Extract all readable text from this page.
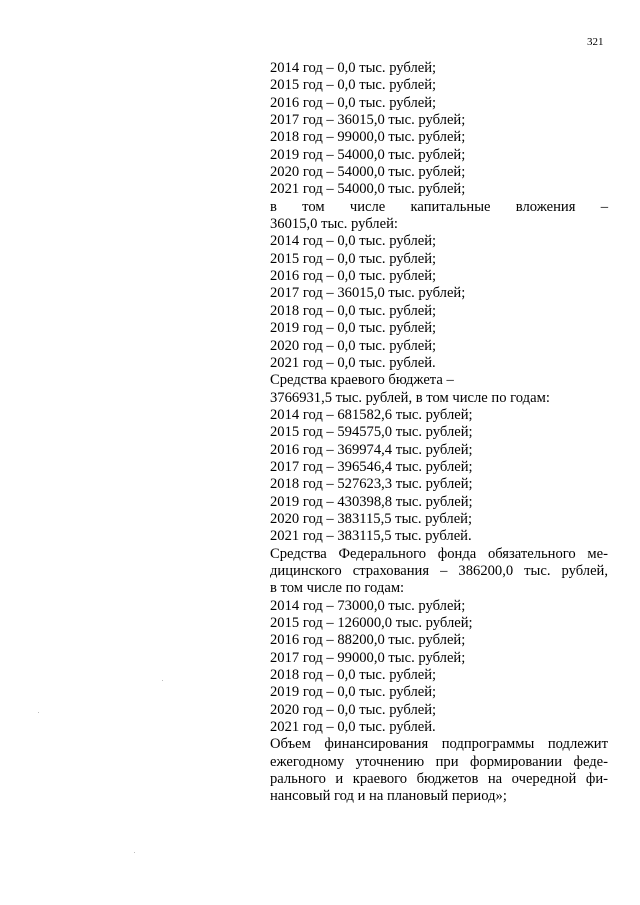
321
2014 год – 0,0 тыс. рублей;
2015 год – 0,0 тыс. рублей;
2016 год – 0,0 тыс. рублей;
2017 год – 36015,0 тыс. рублей;
2018 год – 99000,0 тыс. рублей;
2019 год – 54000,0 тыс. рублей;
2020 год – 54000,0 тыс. рублей;
2021 год – 54000,0 тыс. рублей;
в том числе капитальные вложения –
36015,0 тыс. рублей:
2014 год – 0,0 тыс. рублей;
2015 год – 0,0 тыс. рублей;
2016 год – 0,0 тыс. рублей;
2017 год – 36015,0 тыс. рублей;
2018 год – 0,0 тыс. рублей;
2019 год – 0,0 тыс. рублей;
2020 год – 0,0 тыс. рублей;
2021 год – 0,0 тыс. рублей.
Средства краевого бюджета –
3766931,5 тыс. рублей, в том числе по годам:
2014 год – 681582,6 тыс. рублей;
2015 год – 594575,0 тыс. рублей;
2016 год – 369974,4 тыс. рублей;
2017 год – 396546,4 тыс. рублей;
2018 год – 527623,3 тыс. рублей;
2019 год – 430398,8 тыс. рублей;
2020 год – 383115,5 тыс. рублей;
2021 год – 383115,5 тыс. рублей.
Средства Федерального фонда обязательного ме-
дицинского страхования – 386200,0 тыс. рублей,
в том числе по годам:
2014 год – 73000,0 тыс. рублей;
2015 год – 126000,0 тыс. рублей;
2016 год – 88200,0 тыс. рублей;
2017 год – 99000,0 тыс. рублей;
2018 год – 0,0 тыс. рублей;
2019 год – 0,0 тыс. рублей;
2020 год – 0,0 тыс. рублей;
2021 год – 0,0 тыс. рублей.
Объем финансирования подпрограммы подлежит
ежегодному уточнению при формировании феде-
рального и краевого бюджетов на очередной фи-
нансовый год и на плановый период»;
